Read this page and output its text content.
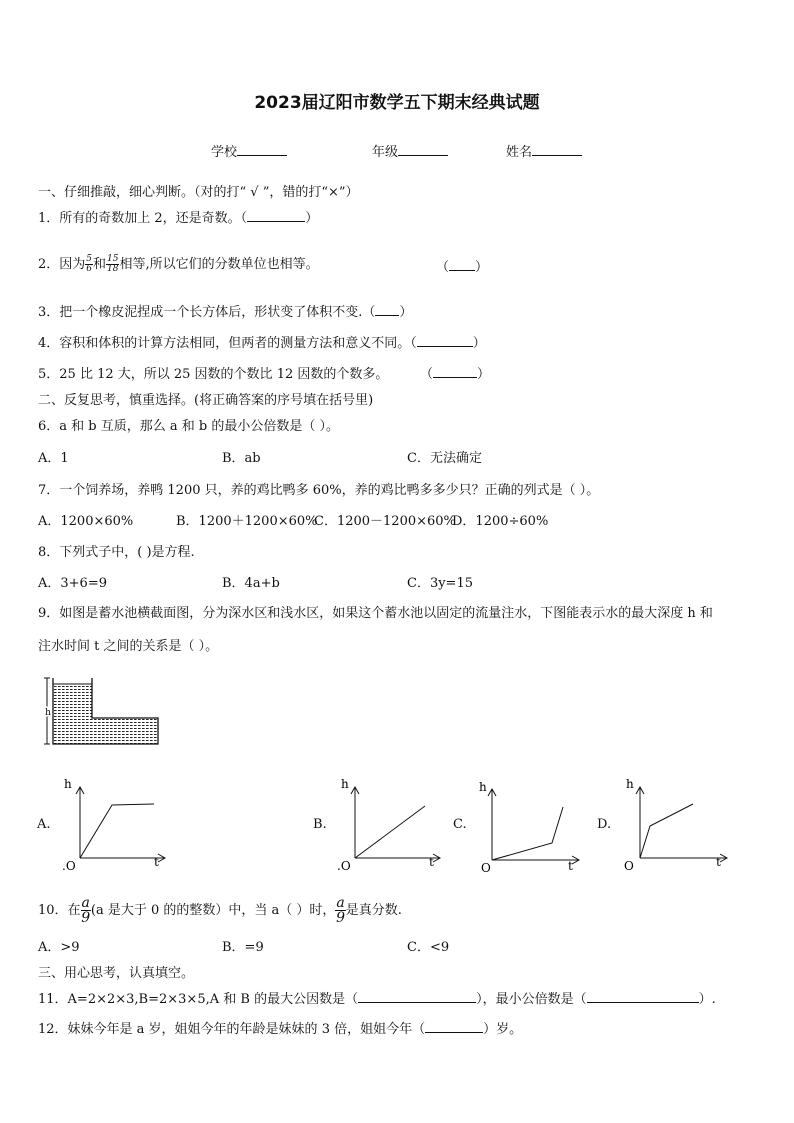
2023届辽阳市数学五下期末经典试题
学校	年级	姓名
一、仔细推敲，细心判断。（对的打“ √ ”，错的打“×”）
1．所有的奇数加上 2，还是奇数。（	）
2．因为 $\frac{5}{6}$ 和 $\frac{15}{18}$ 相等,所以它们的分数单位也相等。	（ ）
3．把一个橡皮泥捏成一个长方体后，形状变了体积不变.（ ）
4．容积和体积的计算方法相同，但两者的测量方法和意义不同。（	）
5．25 比 12 大，所以 25 因数的个数比 12 因数的个数多。 （	）
二、反复思考，慎重选择。(将正确答案的序号填在括号里)
6．a 和 b 互质，那么 a 和 b 的最小公倍数是（ ）。
A．1	B．ab	C．无法确定
7．一个饲养场，养鸭 1200 只，养的鸡比鸭多 60%，养的鸡比鸭多多少只？正确的列式是（ ）。
A．1200×60%	B．1200＋1200×60%
C．1200－1200×60%
D．1200÷60%
8．下列式子中，( )是方程.
A．3+6=9	B．4a+b	C．3y=15
9．如图是蓄水池横截面图，分为深水区和浅水区，如果这个蓄水池以固定的流量注水，下图能表示水的最大深度 h 和
注水时间 t 之间的关系是（ ）。
h
A.
h
t
.O
B.
h
t
.O
C.
h
t
O
D.
h
t
O
10．在 $\frac{a}{9} (a$ 是大于 0 的的整数）中，当 a（ ）时， $\frac{a}{9}$ 是真分数.
A．>9	B．=9	C．<9
三、用心思考，认真填空。
11．A=2×2×3,B=2×3×5,A 和 B 的最大公因数是（	），最小公倍数是（	）.
12．妹妹今年是 a 岁，姐姐今年的年龄是妹妹的 3 倍，姐姐今年（	）岁。
